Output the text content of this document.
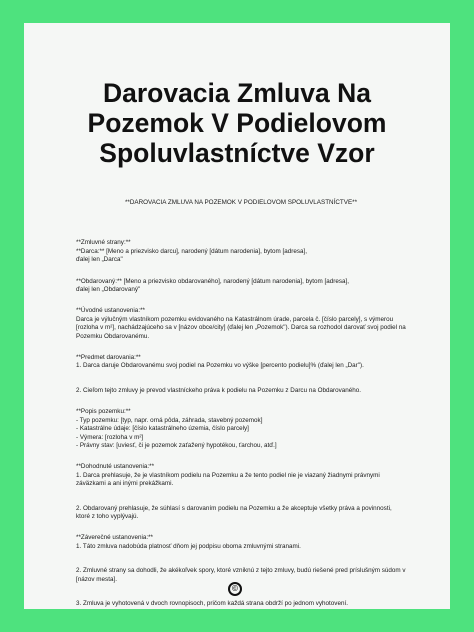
Darovacia Zmluva Na
Pozemok V Podielovom
Spoluvlastníctve Vzor

**DAROVACIA ZMLUVA NA POZEMOK V PODIELOVOM SPOLUVLASTNÍCTVE**

**Zmluvné strany:**

**Darca:** [Meno a priezvisko darcu], narodený [dátum narodenia], bytom [adresa],

ďalej len „Darca"

**Obdarovaný:** [Meno a priezvisko obdarovaného], narodený [dátum narodenia], bytom [adresa],

ďalej len „Obdarovaný"

**Úvodné ustanovenia:**

Darca je výlučným vlastníkom pozemku evidovaného na Katastrálnom úrade, parcela č. [číslo parcely], s výmerou [rozloha v m²], nachádzajúceho sa v [názov obce/city] (ďalej len „Pozemok"). Darca sa rozhodol darovať svoj podiel na Pozemku Obdarovanému.

**Predmet darovania:**

1. Darca daruje Obdarovanému svoj podiel na Pozemku vo výške [percento podielu]% (ďalej len „Dar").

2. Cieľom tejto zmluvy je prevod vlastníckeho práva k podielu na Pozemku z Darcu na Obdarovaného.

**Popis pozemku:**

- Typ pozemku: [typ, napr. orná pôda, záhrada, stavebný pozemok]

- Katastrálne údaje: [číslo katastrálneho územia, číslo parcely]

- Výmera: [rozloha v m²]

- Právny stav: [uviesť, či je pozemok zaťažený hypotékou, ťarchou, atď.]

**Dohodnuté ustanovenia:**

1. Darca prehlasuje, že je vlastníkom podielu na Pozemku a že tento podiel nie je viazaný žiadnymi právnymi záväzkami a ani inými prekážkami.

2. Obdarovaný prehlasuje, že súhlasí s darovaním podielu na Pozemku a že akceptuje všetky práva a povinnosti, ktoré z toho vyplývajú.

**Záverečné ustanovenia:**

1. Táto zmluva nadobúda platnosť dňom jej podpisu oboma zmluvnými stranami.

2. Zmluvné strany sa dohodli, že akékoľvek spory, ktoré vzniknú z tejto zmluvy, budú riešené pred príslušným súdom v [názov mesta].

3. Zmluva je vyhotovená v dvoch rovnopisoch, pričom každá strana obdrží po jednom vyhotovení.

©
